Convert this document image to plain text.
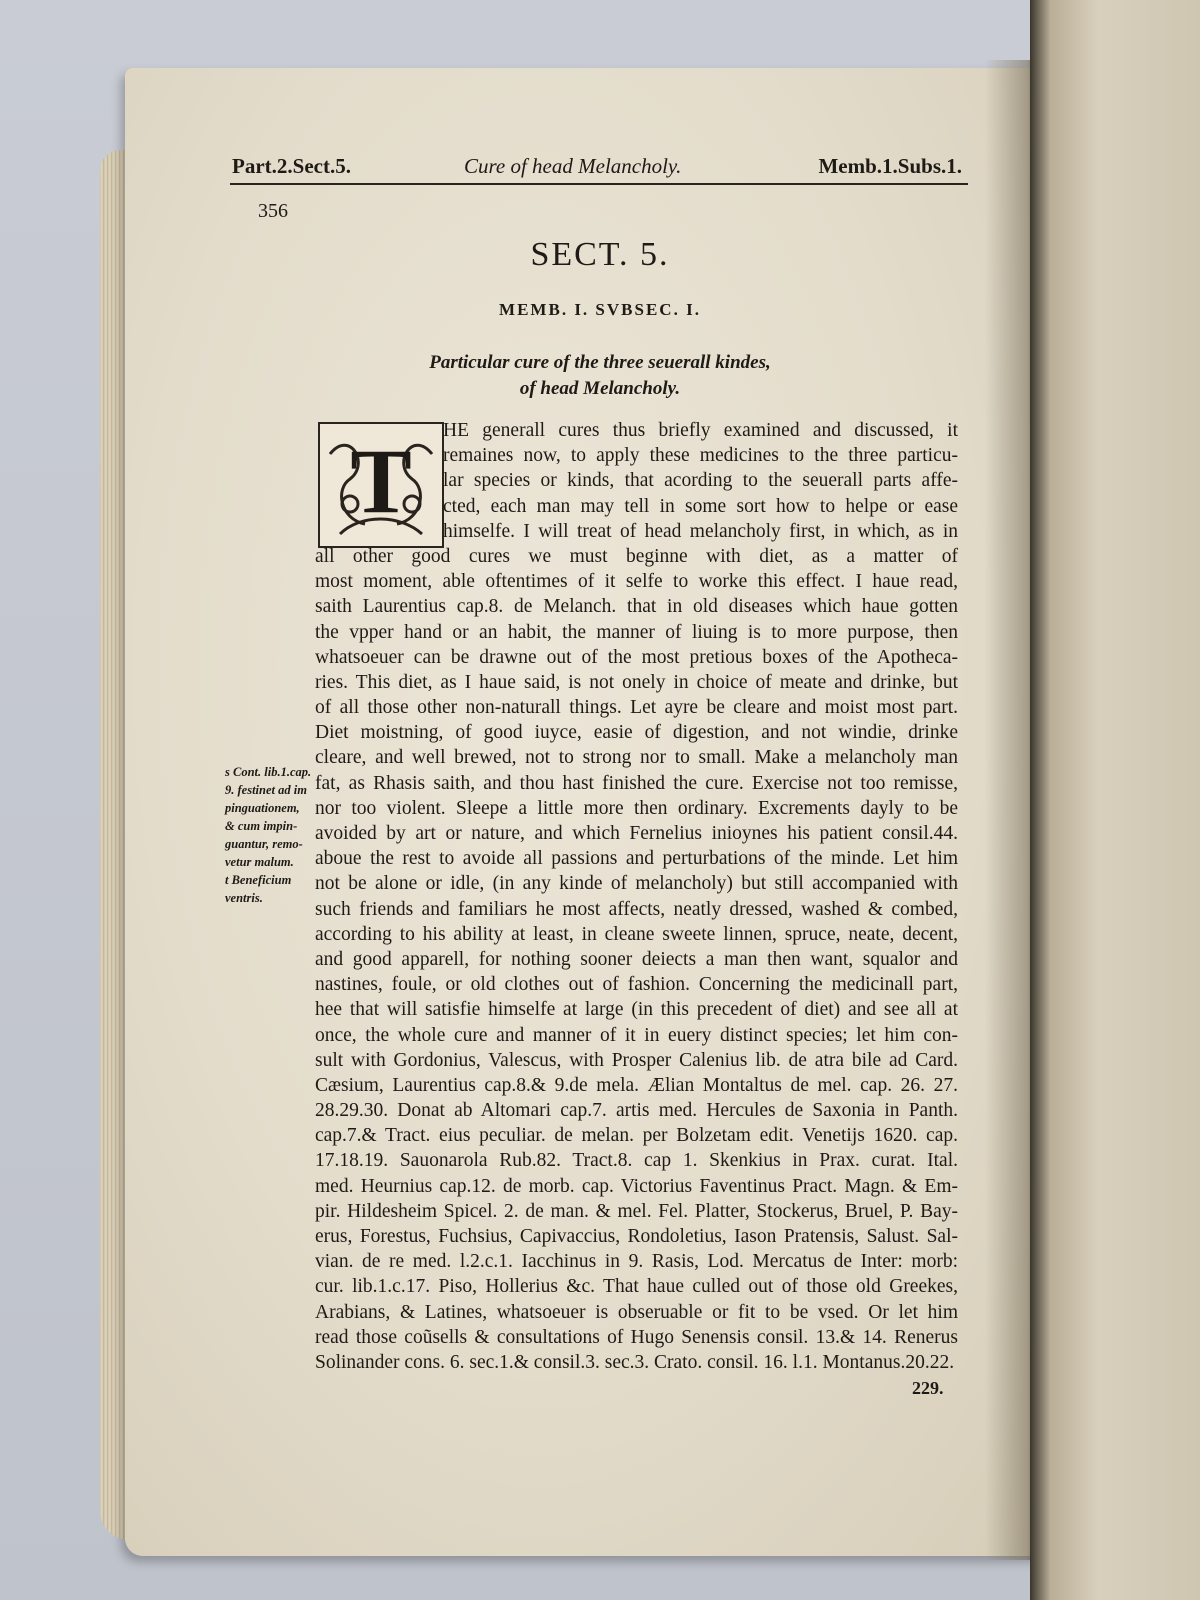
Part.2.Sect.5.	Cure of head Melancholy.	Memb.1.Subs.1.
356
SECT. 5.
MEMB. I. SVBSEC. I.
Particular cure of the three seuerall kindes,
of head Melancholy.
T	HE generall cures thus briefly examined and discussed, it
remaines now, to apply these medicines to the three particu-
lar species or kinds, that acording to the seuerall parts affe-
cted, each man may tell in some sort how to helpe or ease
himselfe. I will treat of head melancholy first, in which, as in
all other good cures we must beginne with diet, as a matter of
most moment, able oftentimes of it selfe to worke this effect. I haue read,
saith Laurentius cap.8. de Melanch. that in old diseases which haue gotten
the vpper hand or an habit, the manner of liuing is to more purpose, then
whatsoeuer can be drawne out of the most pretious boxes of the Apotheca-
ries. This diet, as I haue said, is not onely in choice of meate and drinke, but
of all those other non-naturall things. Let ayre be cleare and moist most part.
Diet moistning, of good iuyce, easie of digestion, and not windie, drinke
cleare, and well brewed, not to strong nor to small. Make a melancholy man
fat, as Rhasis saith, and thou hast finished the cure. Exercise not too remisse,
nor too violent. Sleepe a little more then ordinary. Excrements dayly to be
avoided by art or nature, and which Fernelius inioynes his patient consil.44.
aboue the rest to avoide all passions and perturbations of the minde. Let him
not be alone or idle, (in any kinde of melancholy) but still accompanied with
such friends and familiars he most affects, neatly dressed, washed & combed,
according to his ability at least, in cleane sweete linnen, spruce, neate, decent,
and good apparell, for nothing sooner deiects a man then want, squalor and
nastines, foule, or old clothes out of fashion. Concerning the medicinall part,
hee that will satisfie himselfe at large (in this precedent of diet) and see all at
once, the whole cure and manner of it in euery distinct species; let him con-
sult with Gordonius, Valescus, with Prosper Calenius lib. de atra bile ad Card.
Cæsium, Laurentius cap.8.& 9.de mela. Ælian Montaltus de mel. cap. 26. 27.
28.29.30. Donat ab Altomari cap.7. artis med. Hercules de Saxonia in Panth.
cap.7.& Tract. eius peculiar. de melan. per Bolzetam edit. Venetijs 1620. cap.
17.18.19. Sauonarola Rub.82. Tract.8. cap 1. Skenkius in Prax. curat. Ital.
med. Heurnius cap.12. de morb. cap. Victorius Faventinus Pract. Magn. & Em-
pir. Hildesheim Spicel. 2. de man. & mel. Fel. Platter, Stockerus, Bruel, P. Bay-
erus, Forestus, Fuchsius, Capivaccius, Rondoletius, Iason Pratensis, Salust. Sal-
vian. de re med. l.2.c.1. Iacchinus in 9. Rasis, Lod. Mercatus de Inter: morb:
cur. lib.1.c.17. Piso, Hollerius &c. That haue culled out of those old Greekes,
Arabians, & Latines, whatsoeuer is obseruable or fit to be vsed. Or let him
read those coũsells & consultations of Hugo Senensis consil. 13.& 14. Renerus
Solinander cons. 6. sec.1.& consil.3. sec.3. Crato. consil. 16. l.1. Montanus.20.22.
s Cont. lib.1.cap.
9. festinet ad im
pinguationem,
& cum impin-
guantur, remo-
vetur malum.
t Beneficium
ventris.
229.
